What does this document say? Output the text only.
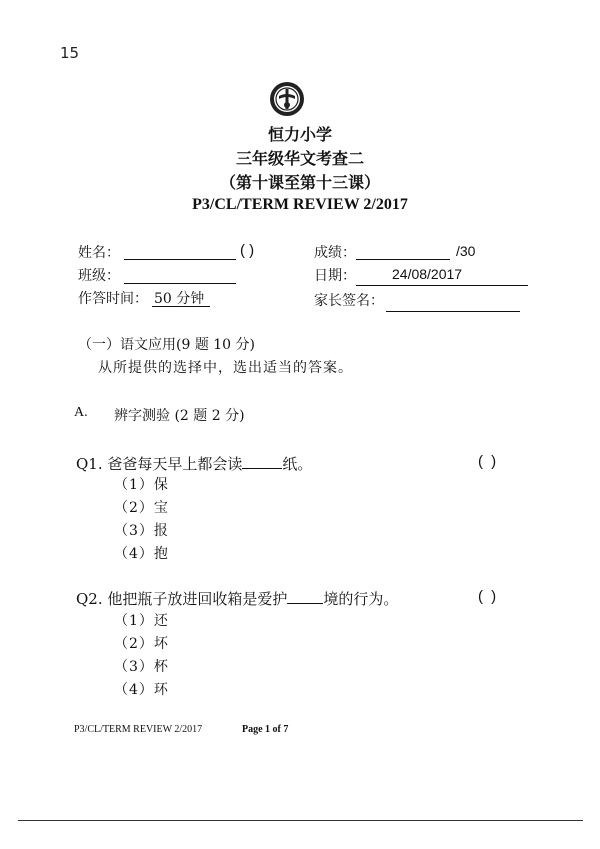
15
恒力小学
三年级华文考查二
（第十课至第十三课）
P3/CL/TERM REVIEW 2/2017
姓名：	( )	成绩：	/30
班级：	日期：	24/08/2017
作答时间： 50 分钟	家长签名：
（一）语文应用(9 题 10 分)
从所提供的选择中，选出适当的答案。
A. 辨字测验 (2 题 2 分)
Q1. 爸爸每天早上都会读	纸。	( )
（1）保
（2）宝
（3）报
（4）抱
Q2. 他把瓶子放进回收箱是爱护 境的行为。	( )
（1）还
（2）坏
（3）杯
（4）环
P3/CL/TERM REVIEW 2/2017	Page 1 of 7
